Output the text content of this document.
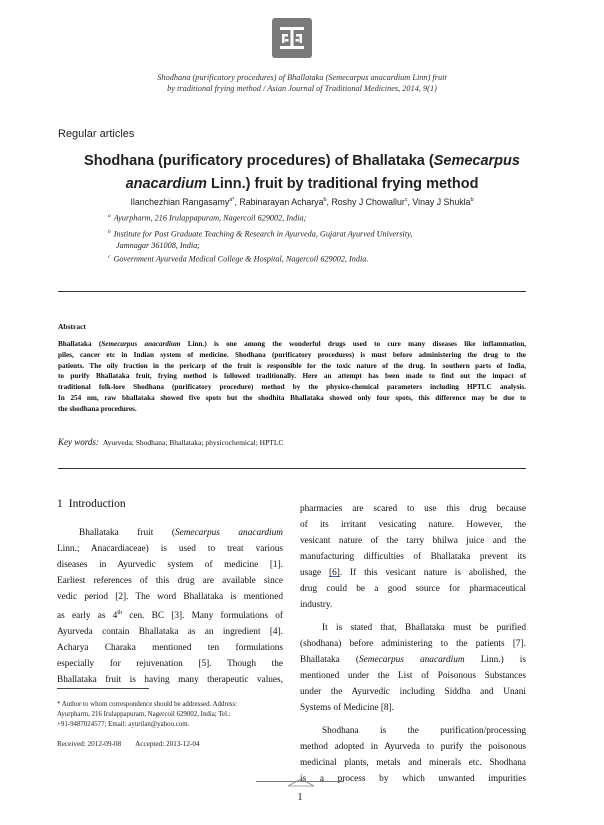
Shodhana (purificatory procedures) of Bhallataka (Semecarpus anacardium Linn) fruit
by traditional frying method / Asian Journal of Traditional Medicines, 2014, 9(1)
Regular articles
Shodhana (purificatory procedures) of Bhallataka (Semecarpus
anacardium Linn.) fruit by traditional frying method
Ilanchezhian Rangasamy$^{a*}$, Rabinarayan Acharya$^b$, Roshy J Chowallur$^c$, Vinay J Shukla$^b$
$^a$ Ayurpharm, 216 Irulappapuram, Nagercoil 629002, India;
$^b$ Institute for Post Graduate Teaching & Research in Ayurveda, Gujarat Ayurved University,
Jamnagar 361008, India;
$^c$ Government Ayurveda Medical College & Hospital, Nagercoil 629002, India.
Abstract
Bhallataka (Semecarpus anacardium Linn.) is one among the wonderful drugs used to cure many diseases like inflammation,
piles, cancer etc in Indian system of medicine. Shodhana (purificatory procedures) is must before administering the drug to the
patients. The oily fraction in the pericarp of the fruit is responsible for the toxic nature of the drug. In southern parts of India,
to purify Bhallataka fruit, frying method is followed traditionally. Here an attempt has been made to find out the impact of
traditional folk-lore Shodhana (purificatory procedure) method by the physico-chemical parameters including HPTLC analysis.
In 254 nm, raw bhallataka showed five spots but the shodhita Bhallataka showed only four spots, this difference may be due to
the shodhana procedures.
Key words: Ayurveda; Shodhana; Bhallataka; physicochemical; HPTLC
1 Introduction
Bhallataka fruit (Semecarpus anacardium
Linn.; Anacardiaceae) is used to treat various
diseases in Ayurvedic system of medicine [1].
Earliest references of this drug are available since
vedic period [2]. The word Bhallataka is mentioned
as early as 4th cen. BC [3]. Many formulations of
Ayurveda contain Bhallataka as an ingredient [4].
Acharya Charaka mentioned ten formulations
especially for rejuvenation [5]. Though the
Bhallataka fruit is having many therapeutic values,
pharmacies are scared to use this drug because
of its irritant vesicating nature. However, the
vesicant nature of the tarry bhilwa juice and the
manufacturing difficulties of Bhallataka prevent its
usage [6]. If this vesicant nature is abolished, the
drug could be a good source for pharmaceutical
industry.
It is stated that, Bhallataka must be purified
(shodhana) before administering to the patients [7].
Bhallataka (Semecarpus anacardium Linn.) is
mentioned under the List of Poisonous Substances
under the Ayurvedic including Siddha and Unani
Systems of Medicine [8].
Shodhana is the purification/processing
method adopted in Ayurveda to purify the poisonous
medicinal plants, metals and minerals etc. Shodhana
is a process by which unwanted impurities
* Author to whom correspondence should be addressed. Address:
Ayurpharm, 216 Irulappapuram, Nagercoil 629002, India; Tel.:
+91-9487024577; Email: ayurilan@yahoo.com.
Received: 2012-09-08 Accepted: 2013-12-04
1
